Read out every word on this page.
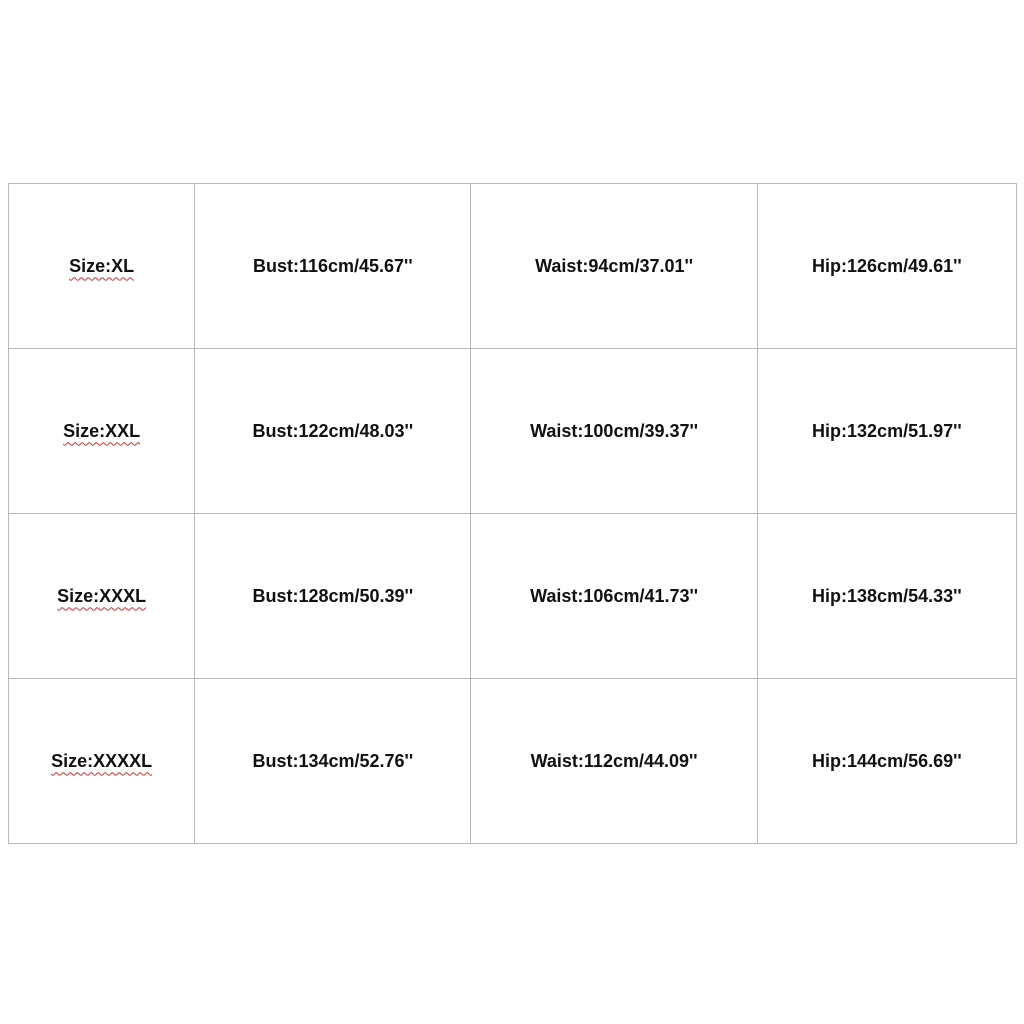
Size:XL	Bust:116cm/45.67''	Waist:94cm/37.01''	Hip:126cm/49.61''
Size:XXL	Bust:122cm/48.03''	Waist:100cm/39.37''	Hip:132cm/51.97''
Size:XXXL	Bust:128cm/50.39''	Waist:106cm/41.73''	Hip:138cm/54.33''
Size:XXXXL	Bust:134cm/52.76''	Waist:112cm/44.09''	Hip:144cm/56.69''
